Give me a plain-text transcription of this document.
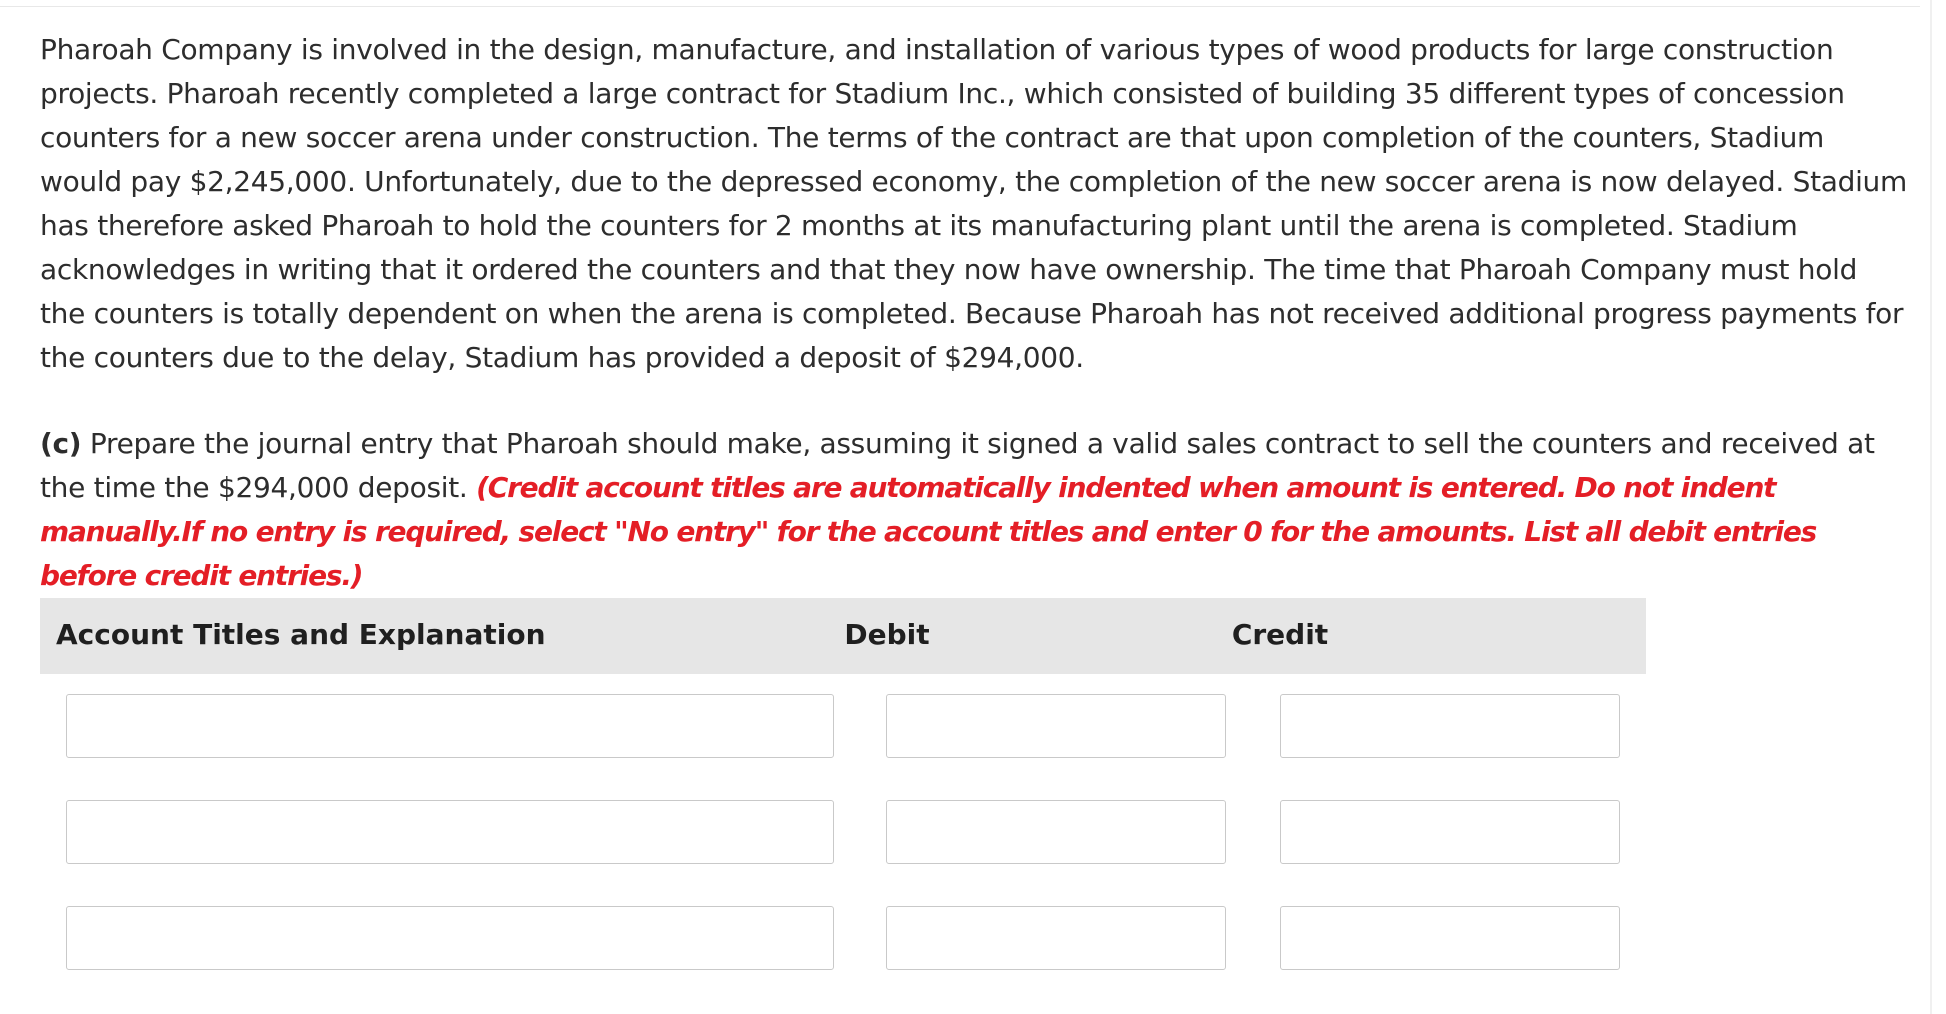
Pharoah Company is involved in the design, manufacture, and installation of various types of wood products for large construction projects. Pharoah recently completed a large contract for Stadium Inc., which consisted of building 35 different types of concession counters for a new soccer arena under construction. The terms of the contract are that upon completion of the counters, Stadium would pay $2,245,000. Unfortunately, due to the depressed economy, the completion of the new soccer arena is now delayed. Stadium has therefore asked Pharoah to hold the counters for 2 months at its manufacturing plant until the arena is completed. Stadium acknowledges in writing that it ordered the counters and that they now have ownership. The time that Pharoah Company must hold the counters is totally dependent on when the arena is completed. Because Pharoah has not received additional progress payments for the counters due to the delay, Stadium has provided a deposit of $294,000.

(c) Prepare the journal entry that Pharoah should make, assuming it signed a valid sales contract to sell the counters and received at the time the $294,000 deposit. (Credit account titles are automatically indented when amount is entered. Do not indent manually.If no entry is required, select "No entry" for the account titles and enter 0 for the amounts. List all debit entries before credit entries.)

Account Titles and Explanation	Debit	Credit
